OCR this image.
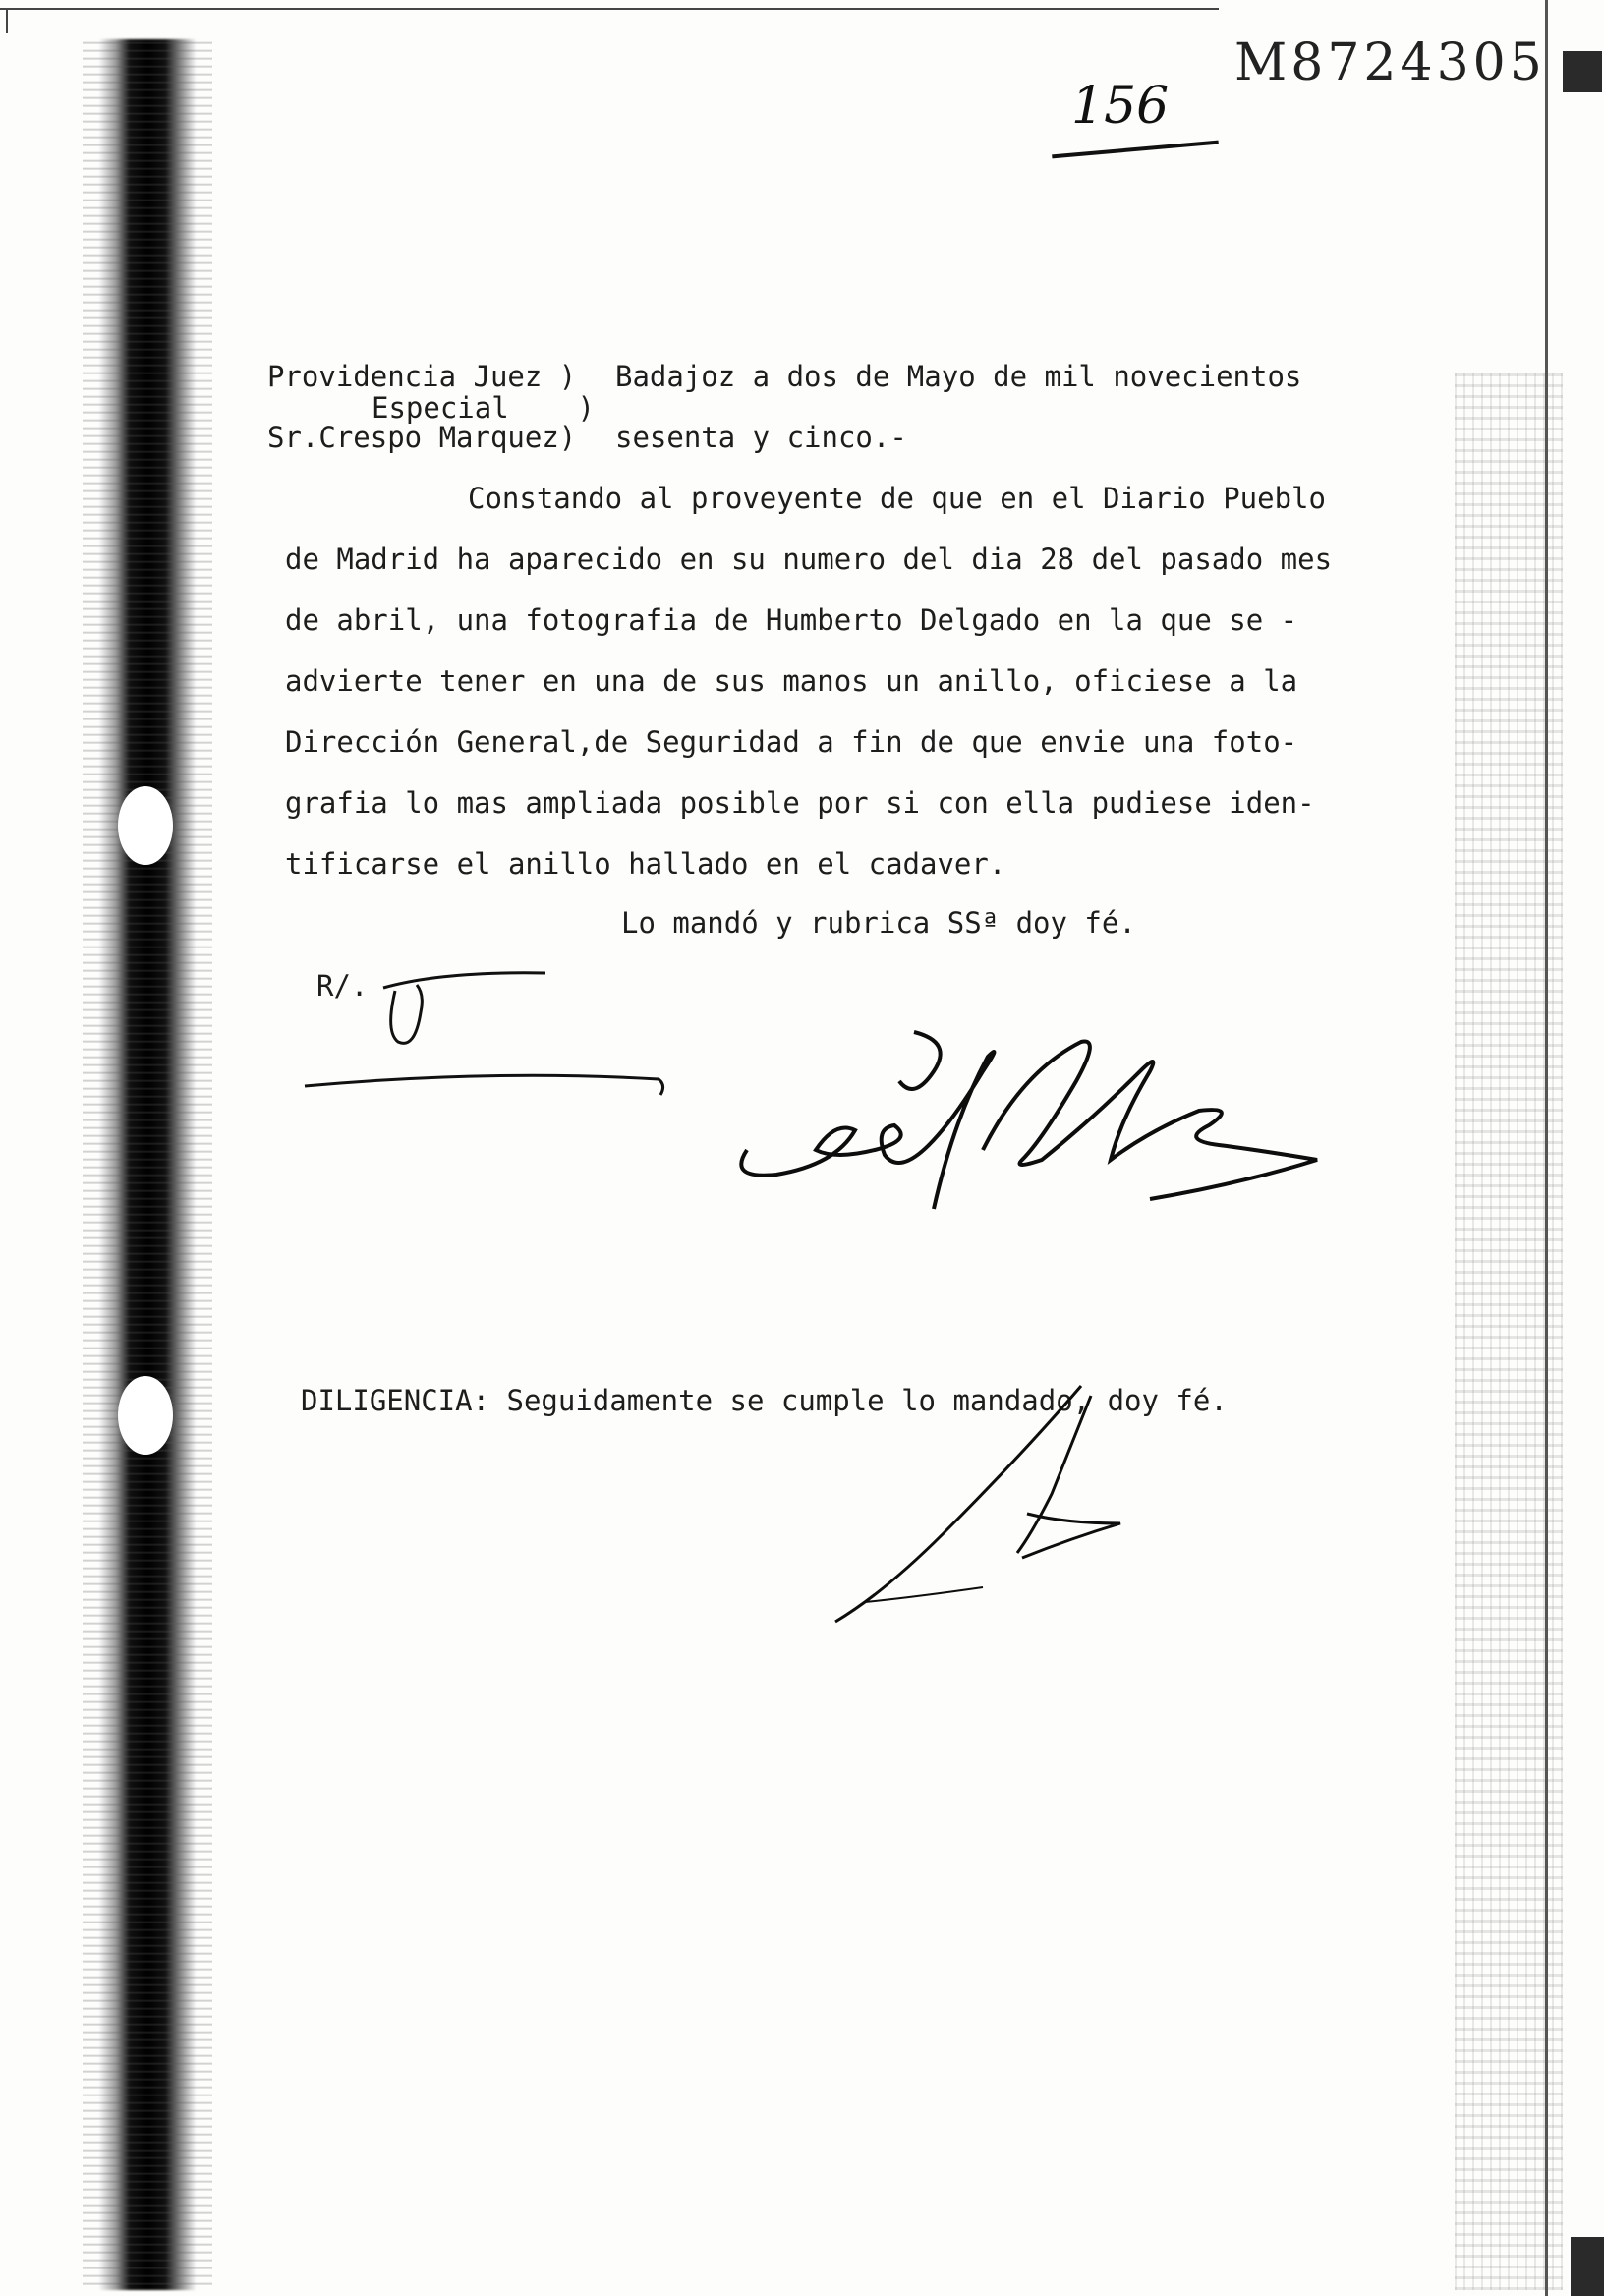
M8724305
156
Providencia Juez )
Especial    )
Sr.Crespo Marquez)
Badajoz a dos de Mayo de mil novecientos
sesenta y cinco.-
Constando al proveyente de que en el Diario Pueblo
de Madrid ha aparecido en su numero del dia 28 del pasado mes
de abril, una fotografia de Humberto Delgado en la que se -
advierte tener en una de sus manos un anillo, oficiese a la
Dirección General,de Seguridad a fin de que envie una foto-
grafia lo mas ampliada posible por si con ella pudiese iden-
tificarse el anillo hallado en el cadaver.
Lo mandó y rubrica SSª doy fé.
R/.
DILIGENCIA: Seguidamente se cumple lo mandado, doy fé.
